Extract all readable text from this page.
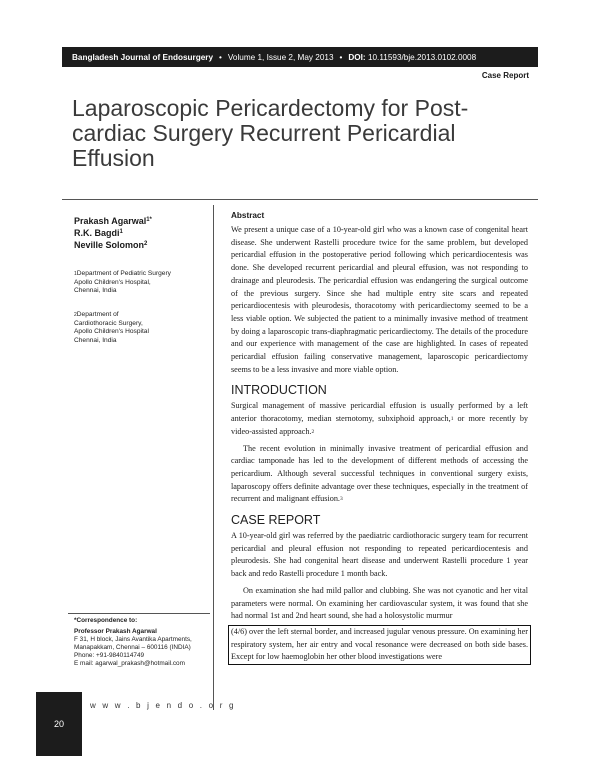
Bangladesh Journal of Endosurgery • Volume 1, Issue 2, May 2013 • DOI:
10.11593/bje.2013.0102.0008
Case Report
Laparoscopic Pericardectomy for Post-cardiac Surgery Recurrent Pericardial Effusion
Prakash Agarwal$^{1*}$
R.K. Bagdi$^1$
Neville Solomon$^2$
$^1$Department of Pediatric Surgery
Apollo Children's Hospital,
Chennai, India
$^2$Department of
Cardiothoracic Surgery,
Apollo Children's Hospital
Chennai, India
*Correspondence to:
Professor Prakash Agarwal
F 31, H block, Jains Avantika Apartments,
Manapakkam, Chennai – 600116 (INDIA)
Phone: +91-9840114749
E mail: agarwal_prakash@hotmail.com
Abstract

We present a unique case of a 10-year-old girl who was a known case of congenital heart disease. She underwent Rastelli procedure twice for the same problem, but developed pericardial effusion in the postoperative period following which pericardiocentesis was done. She developed recurrent pericardial and pleural effusion, was not responding to drainage and pleurodesis. The pericardial effusion was endangering the surgical outcome of the previous surgery. Since she had multiple entry site scars and repeated pericardiocentesis with pleurodesis, thoracotomy with pericardiectomy seemed to be a less viable option. We subjected the patient to a minimally invasive method of treatment by doing a laparoscopic trans-diaphragmatic pericardiectomy. The details of the procedure and our experience with management of the case are highlighted. In cases of repeated pericardial effusion failing conservative management, laparoscopic pericardiectomy seems to be a less invasive and more viable option.

INTRODUCTION

Surgical management of massive pericardial effusion is usually performed by a left anterior thoracotomy, median sternotomy, subxiphoid approach,$^1$ or more recently by video-assisted approach.$^2$

The recent evolution in minimally invasive treatment of pericardial effusion and cardiac tamponade has led to the development of different methods of accessing the pericardium. Although several successful techniques in conventional surgery exists, laparoscopy offers definite advantage over these techniques, especially in the treatment of recurrent and malignant effusion.$^3$

CASE REPORT

A 10-year-old girl was referred by the paediatric cardiothoracic surgery team for recurrent pericardial and pleural effusion not responding to repeated pericardiocentesis and pleurodesis. She had congenital heart disease and underwent Rastelli procedure 1 year back and redo Rastelli procedure 1 month back.

On examination she had mild pallor and clubbing. She was not cyanotic and her vital parameters were normal. On examining her cardiovascular system, it was found that she had normal 1st and 2nd heart sound, she had a holosystolic murmur

(4/6) over the left sternal border, and increased jugular venous pressure. On examining her respiratory system, her air entry and vocal resonance were decreased on both side bases. Except for low haemoglobin her other blood investigations were

20
w w w . b j e n d o . o r g
